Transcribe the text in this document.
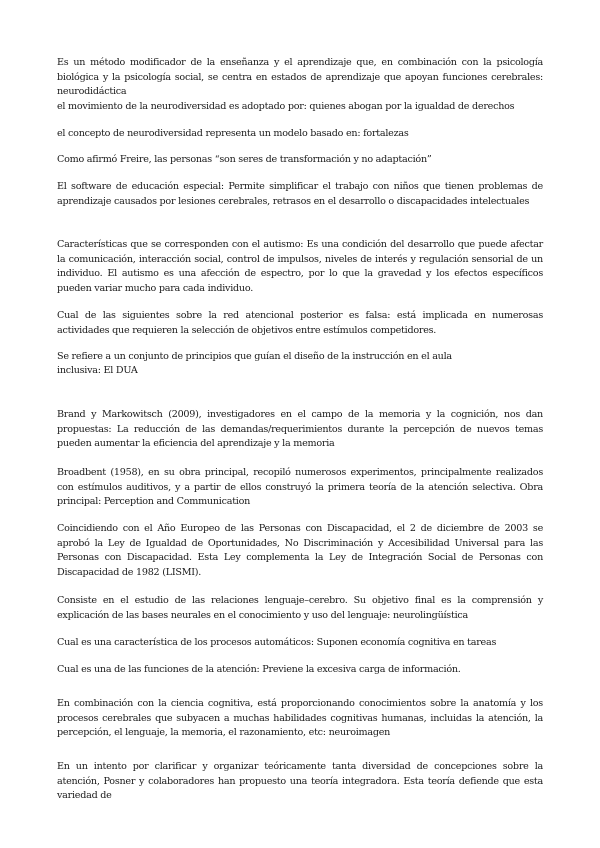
Es un método modificador de la enseñanza y el aprendizaje que, en combinación con la psicología biológica y la psicología social, se centra en estados de aprendizaje que apoyan funciones cerebrales: neurodidáctica

el movimiento de la neurodiversidad es adoptado por: quienes abogan por la igualdad de derechos

el concepto de neurodiversidad representa un modelo basado en: fortalezas

Como afirmó Freire, las personas “son seres de transformación y no adaptación”

El software de educación especial: Permite simplificar el trabajo con niños que tienen problemas de aprendizaje causados por lesiones cerebrales, retrasos en el desarrollo o discapacidades intelectuales

Características que se corresponden con el autismo: Es una condición del desarrollo que puede afectar la comunicación, interacción social, control de impulsos, niveles de interés y regulación sensorial de un individuo. El autismo es una afección de espectro, por lo que la gravedad y los efectos específicos pueden variar mucho para cada individuo.

Cual de las siguientes sobre la red atencional posterior es falsa: está implicada en numerosas actividades que requieren la selección de objetivos entre estímulos competidores.

Se refiere a un conjunto de principios que guían el diseño de la instrucción en el aula

inclusiva: El DUA

Brand y Markowitsch (2009), investigadores en el campo de la memoria y la cognición, nos dan propuestas: La reducción de las demandas/requerimientos durante la percepción de nuevos temas pueden aumentar la eficiencia del aprendizaje y la memoria

Broadbent (1958), en su obra principal, recopiló numerosos experimentos, principalmente realizados con estímulos auditivos, y a partir de ellos construyó la primera teoría de la atención selectiva. Obra principal: Perception and Communication

Coincidiendo con el Año Europeo de las Personas con Discapacidad, el 2 de diciembre de 2003 se aprobó la Ley de Igualdad de Oportunidades, No Discriminación y Accesibilidad Universal para las Personas con Discapacidad. Esta Ley complementa la Ley de Integración Social de Personas con Discapacidad de 1982 (LISMI).

Consiste en el estudio de las relaciones lenguaje–cerebro. Su objetivo final es la comprensión y explicación de las bases neurales en el conocimiento y uso del lenguaje: neurolingüística

Cual es una característica de los procesos automáticos: Suponen economía cognitiva en tareas

Cual es una de las funciones de la atención: Previene la excesiva carga de información.

En combinación con la ciencia cognitiva, está proporcionando conocimientos sobre la anatomía y los procesos cerebrales que subyacen a muchas habilidades cognitivas humanas, incluidas la atención, la percepción, el lenguaje, la memoria, el razonamiento, etc: neuroimagen

En un intento por clarificar y organizar teóricamente tanta diversidad de concepciones sobre la atención, Posner y colaboradores han propuesto una teoría integradora. Esta teoría defiende que esta variedad de
